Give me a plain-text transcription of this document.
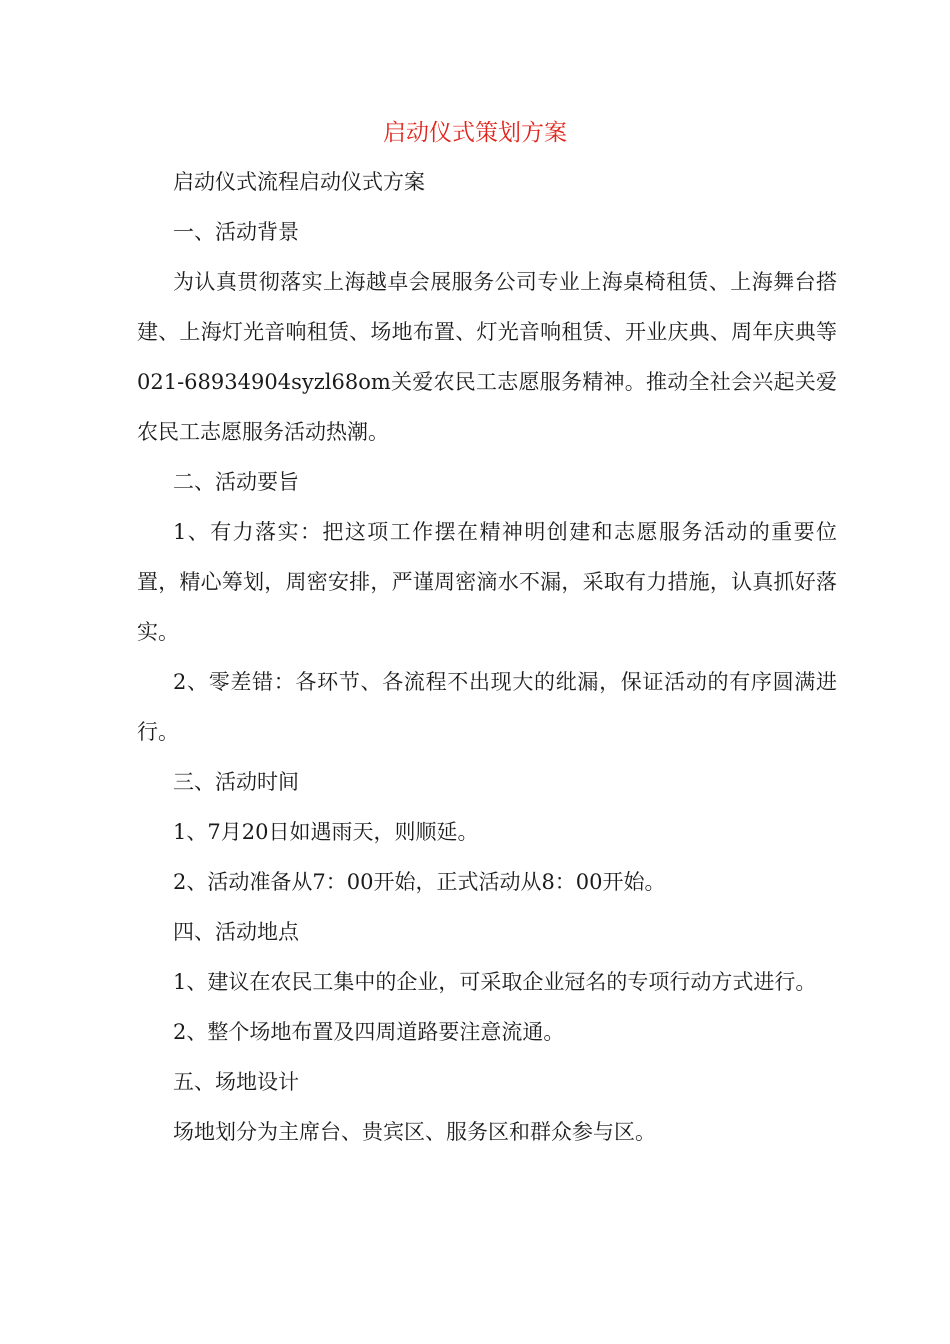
启动仪式策划方案

启动仪式流程启动仪式方案

一、活动背景

为认真贯彻落实上海越卓会展服务公司专业上海桌椅租赁、上海舞台搭建、上海灯光音响租赁、场地布置、灯光音响租赁、开业庆典、周年庆典等021-68934904syzl68om关爱农民工志愿服务精神。推动全社会兴起关爱农民工志愿服务活动热潮。

二、活动要旨

1、有力落实：把这项工作摆在精神明创建和志愿服务活动的重要位置，精心筹划，周密安排，严谨周密滴水不漏，采取有力措施，认真抓好落实。

2、零差错：各环节、各流程不出现大的纰漏，保证活动的有序圆满进行。

三、活动时间

1、7月20日如遇雨天，则顺延。

2、活动准备从7：00开始，正式活动从8：00开始。

四、活动地点

1、建议在农民工集中的企业，可采取企业冠名的专项行动方式进行。

2、整个场地布置及四周道路要注意流通。

五、场地设计

场地划分为主席台、贵宾区、服务区和群众参与区。
